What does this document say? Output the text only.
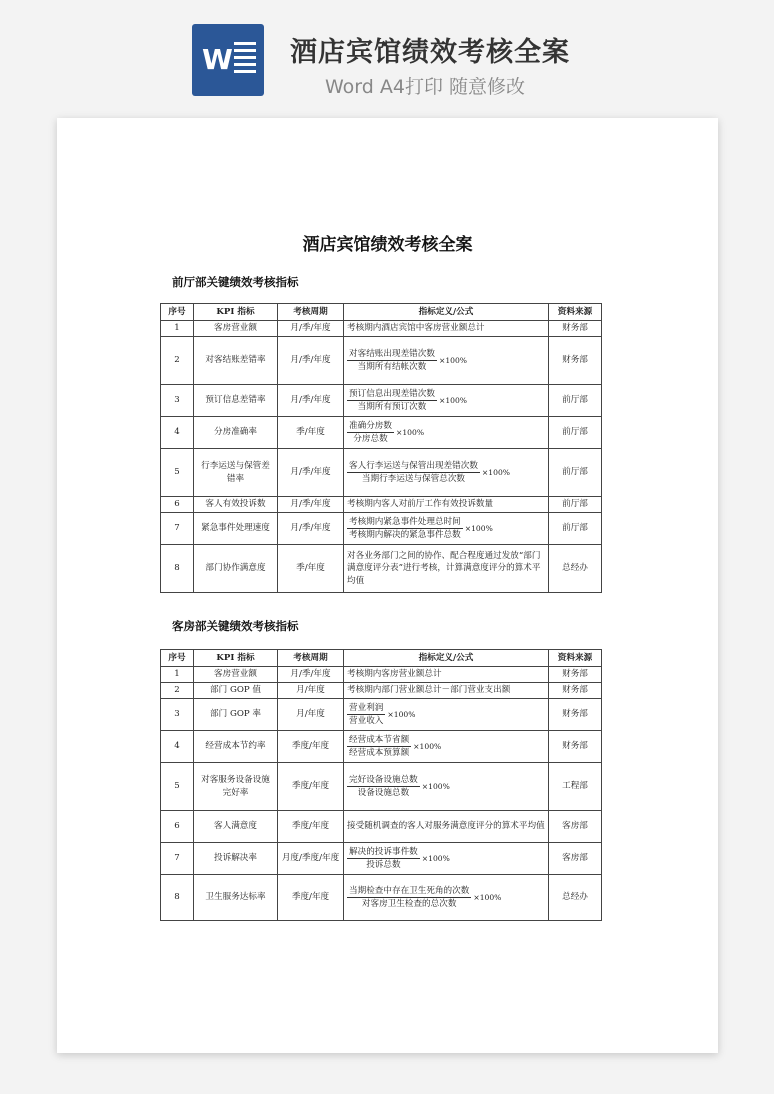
W 酒店宾馆绩效考核全案
Word A4打印 随意修改
酒店宾馆绩效考核全案
前厅部关键绩效考核指标
序号	KPI 指标	考核周期	指标定义/公式	资料来源
1	客房营业额	月/季/年度	考核期内酒店宾馆中客房营业额总计	财务部
2	对客结账差错率	月/季/年度	$\frac{\text{对客结账出现差错次数}}{\text{当期所有结帐次数}} \times 100\%$	财务部
3	预订信息差错率	月/季/年度	$\frac{\text{预订信息出现差错次数}}{\text{当期所有预订次数}} \times 100\%$	前厅部
4	分房准确率	季/年度	$\frac{\text{准确分房数}}{\text{分房总数}} \times 100\%$	前厅部
5	行李运送与保管差错率	月/季/年度	$\frac{\text{客人行李运送与保管出现差错次数}}{\text{当期行李运送与保管总次数}} \times 100\%$	前厅部
6	客人有效投诉数	月/季/年度	考核期内客人对前厅工作有效投诉数量	前厅部
7	紧急事件处理速度	月/季/年度	$\frac{\text{考核期内紧急事件处理总时间}}{\text{考核期内解决的紧急事件总数}} \times 100\%$	前厅部
8	部门协作满意度	季/年度	对各业务部门之间的协作、配合程度通过发放“部门满意度评分表”进行考核，计算满意度评分的算术平均值	总经办
客房部关键绩效考核指标
序号	KPI 指标	考核周期	指标定义/公式	资料来源
1	客房营业额	月/季/年度	考核期内客房营业额总计	财务部
2	部门 GOP 值	月/年度	考核期内部门营业额总计－部门营业支出额	财务部
3	部门 GOP 率	月/年度	$\frac{\text{营业利润}}{\text{营业收入}} \times 100\%$	财务部
4	经营成本节约率	季度/年度	$\frac{\text{经营成本节省额}}{\text{经营成本预算额}} \times 100\%$	财务部
5	对客服务设备设施完好率	季度/年度	$\frac{\text{完好设备设施总数}}{\text{设备设施总数}} \times 100\%$	工程部
6	客人满意度	季度/年度	接受随机调查的客人对服务满意度评分的算术平均值	客房部
7	投诉解决率	月度/季度/年度	$\frac{\text{解决的投诉事件数}}{\text{投诉总数}} \times 100\%$	客房部
8	卫生服务达标率	季度/年度	$\frac{\text{当期检查中存在卫生死角的次数}}{\text{对客房卫生检查的总次数}} \times 100\%$	总经办
